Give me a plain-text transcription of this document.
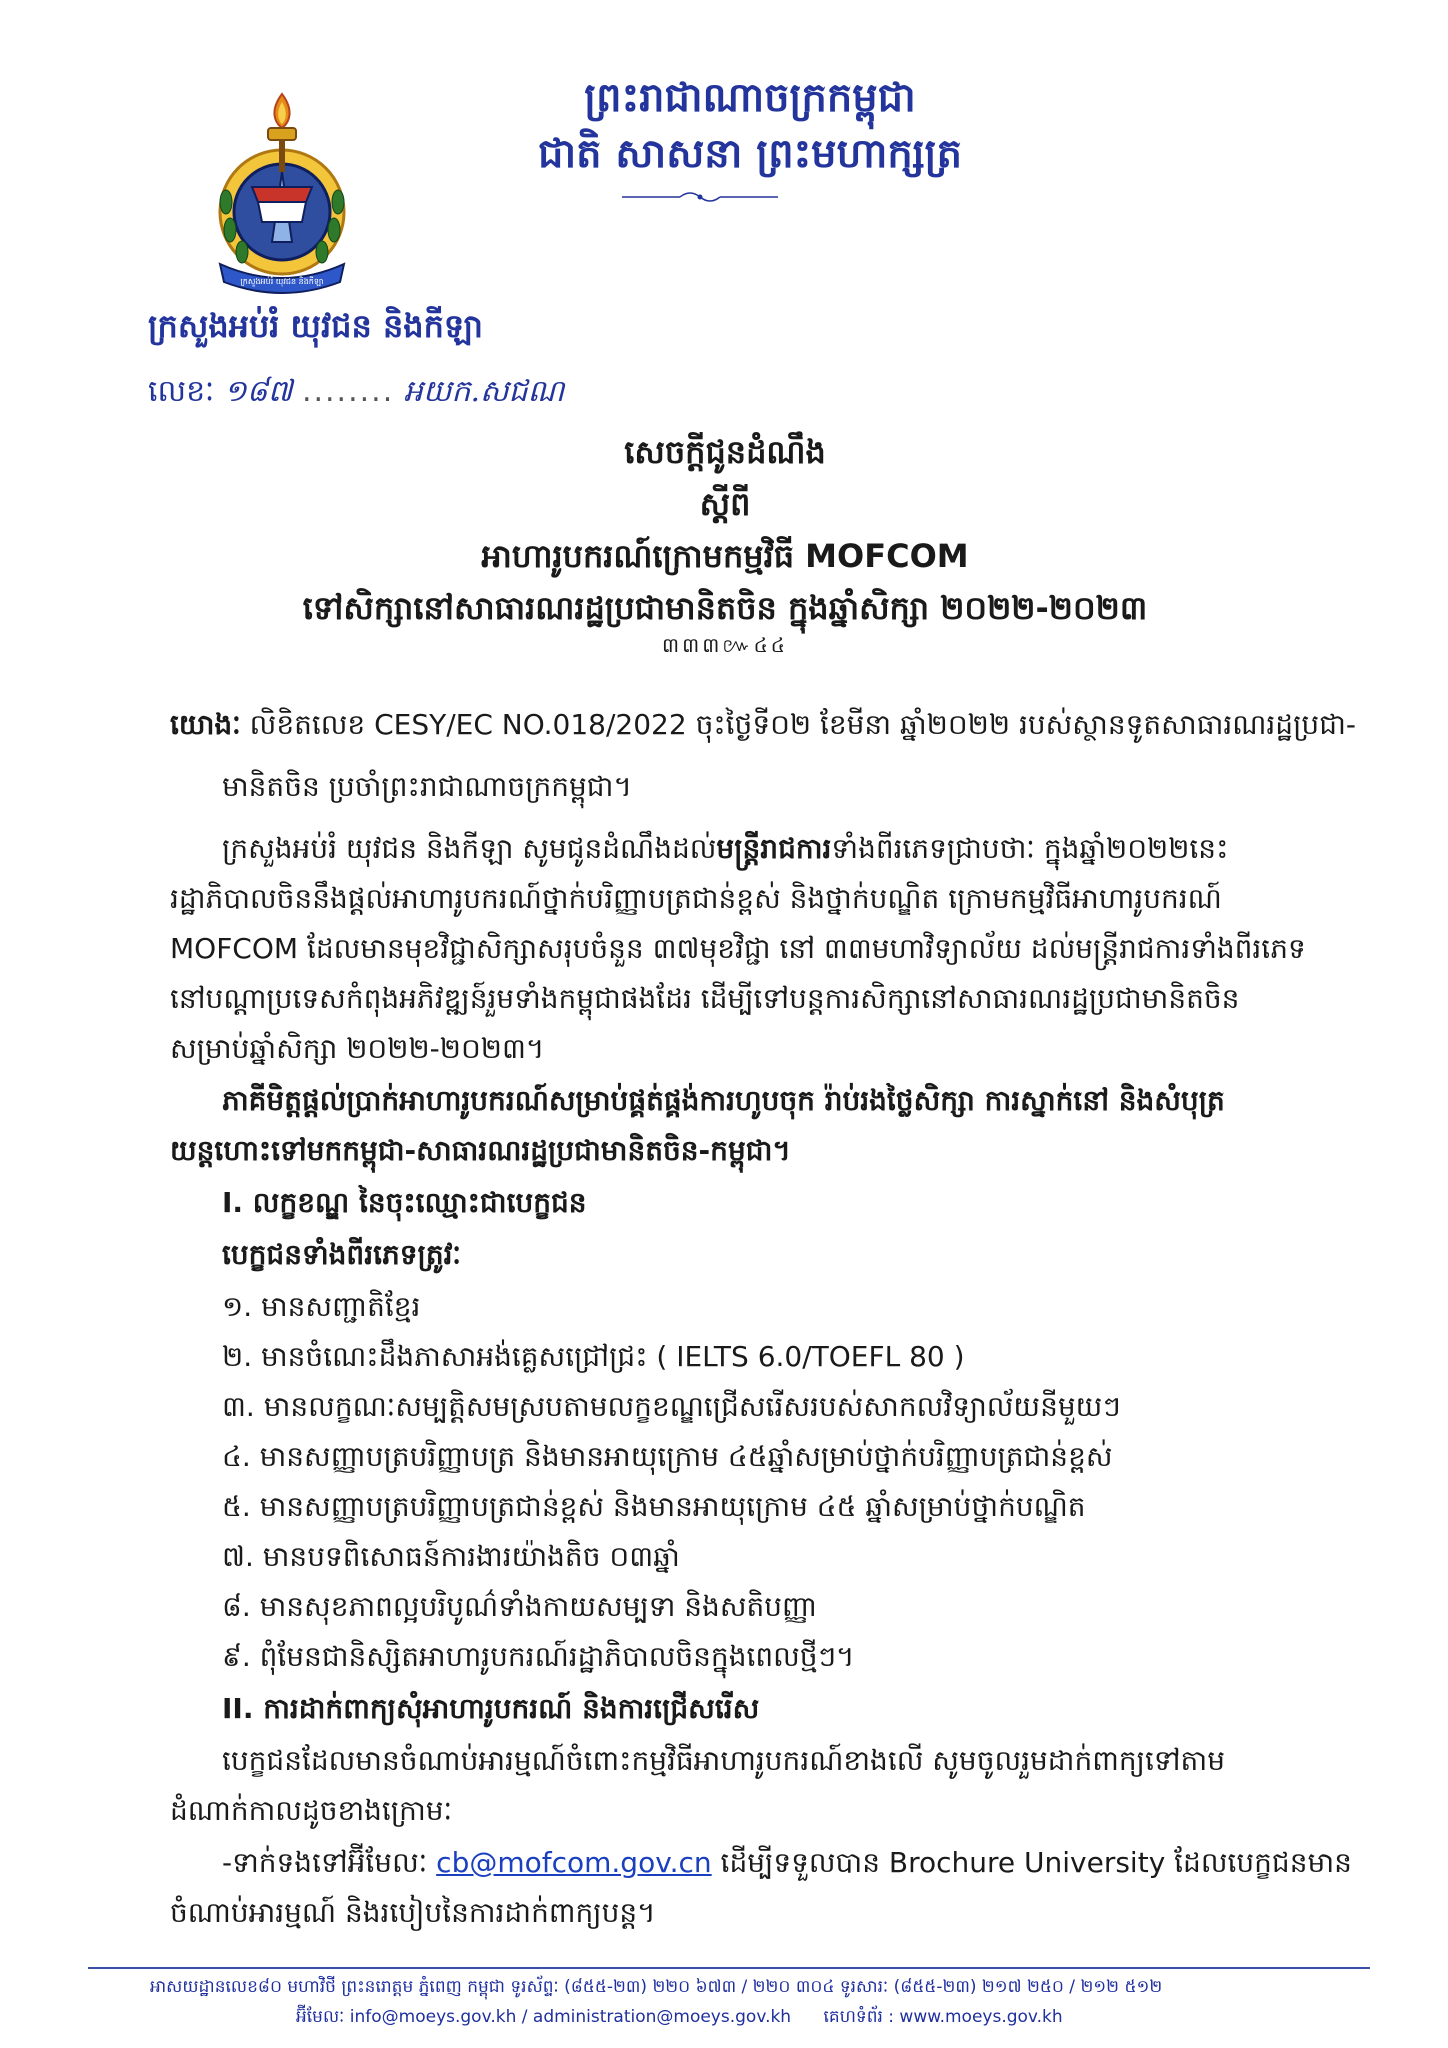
ក្រសួងអប់រំ យុវជន និងកីឡា
ព្រះរាជាណាចក្រកម្ពុជា
ជាតិ សាសនា ព្រះមហាក្សត្រ
ក្រសួងអប់រំ យុវជន និងកីឡា
លេខៈ ១៨៧ ........ អយក.សជណ
សេចក្តីជូនដំណឹង
ស្តីពី
អាហារូបករណ៍ក្រោមកម្មវិធី MOFCOM
ទៅសិក្សានៅសាធារណរដ្ឋប្រជាមានិតចិន ក្នុងឆ្នាំសិក្សា ២០២២-២០២៣
៣៣៣៚៤៤
យោងៈ លិខិតលេខ CESY/EC NO.018/2022 ចុះថ្ងៃទី០២ ខែមីនា ឆ្នាំ២០២២ របស់ស្ថានទូតសាធារណរដ្ឋប្រជា-
មានិតចិន ប្រចាំព្រះរាជាណាចក្រកម្ពុជា។
ក្រសួងអប់រំ យុវជន និងកីឡា សូមជូនដំណឹងដល់មន្ត្រីរាជការទាំងពីរភេទជ្រាបថាៈ ក្នុងឆ្នាំ២០២២នេះ
រដ្ឋាភិបាលចិននឹងផ្តល់អាហារូបករណ៍ថ្នាក់បរិញ្ញាបត្រជាន់ខ្ពស់ និងថ្នាក់បណ្ឌិត ក្រោមកម្មវិធីអាហារូបករណ៍
MOFCOM ដែលមានមុខវិជ្ជាសិក្សាសរុបចំនួន ៣៧មុខវិជ្ជា នៅ ៣៣មហាវិទ្យាល័យ ដល់មន្ត្រីរាជការទាំងពីរភេទ
នៅបណ្តាប្រទេសកំពុងអភិវឌ្ឍន៍រួមទាំងកម្ពុជាផងដែរ ដើម្បីទៅបន្តការសិក្សានៅសាធារណរដ្ឋប្រជាមានិតចិន
សម្រាប់ឆ្នាំសិក្សា ២០២២-២០២៣។
ភាគីមិត្តផ្តល់ប្រាក់អាហារូបករណ៍សម្រាប់ផ្គត់ផ្គង់ការហូបចុក រ៉ាប់រងថ្លៃសិក្សា ការស្នាក់នៅ និងសំបុត្រ
យន្តហោះទៅមកកម្ពុជា-សាធារណរដ្ឋប្រជាមានិតចិន-កម្ពុជា។
I. លក្ខខណ្ឌ នៃចុះឈ្មោះជាបេក្ខជន
បេក្ខជនទាំងពីរភេទត្រូវៈ
១. មានសញ្ជាតិខ្មែរ
២. មានចំណេះដឹងភាសាអង់គ្លេសជ្រៅជ្រះ ( IELTS 6.0/TOEFL 80 )
៣. មានលក្ខណៈសម្បត្តិសមស្របតាមលក្ខខណ្ឌជ្រើសរើសរបស់សាកលវិទ្យាល័យនីមួយៗ
៤. មានសញ្ញាបត្របរិញ្ញាបត្រ និងមានអាយុក្រោម ៤៥ឆ្នាំសម្រាប់ថ្នាក់បរិញ្ញាបត្រជាន់ខ្ពស់
៥. មានសញ្ញាបត្របរិញ្ញាបត្រជាន់ខ្ពស់ និងមានអាយុក្រោម ៤៥ ឆ្នាំសម្រាប់ថ្នាក់បណ្ឌិត
៧. មានបទពិសោធន៍ការងារយ៉ាងតិច ០៣ឆ្នាំ
៨. មានសុខភាពល្អបរិបូណ៌ទាំងកាយសម្បទា និងសតិបញ្ញា
៩. ពុំមែនជានិស្សិតអាហារូបករណ៍រដ្ឋាភិបាលចិនក្នុងពេលថ្មីៗ។
II. ការដាក់ពាក្យសុំអាហារូបករណ៍ និងការជ្រើសរើស
បេក្ខជនដែលមានចំណាប់អារម្មណ៍ចំពោះកម្មវិធីអាហារូបករណ៍ខាងលើ សូមចូលរួមដាក់ពាក្យទៅតាម
ដំណាក់កាលដូចខាងក្រោមៈ
-ទាក់ទងទៅអ៊ីមែលៈ cb@mofcom.gov.cn ដើម្បីទទួលបាន Brochure University ដែលបេក្ខជនមាន
ចំណាប់អារម្មណ៍ និងរបៀបនៃការដាក់ពាក្យបន្ត។
អាសយដ្ឋានលេខ៨០ មហាវិថី ព្រះនរោត្តម ភ្នំពេញ កម្ពុជា ទូរស័ព្ទៈ (៨៥៥-២៣) ២២០ ៦៧៣ / ២២០ ៣០៤ ទូរសារៈ (៨៥៥-២៣) ២១៧ ២៥០ / ២១២ ៥១២
អ៊ីមែលៈ info@moeys.gov.kh / administration@moeys.gov.kh គេហទំព័រ : www.moeys.gov.kh
